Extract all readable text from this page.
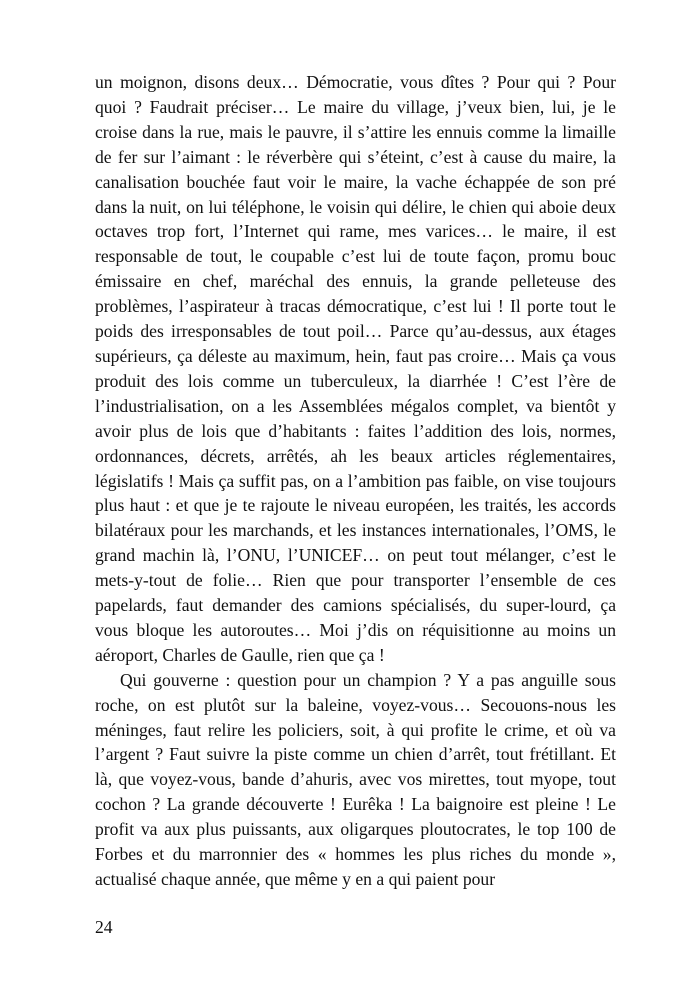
un moignon, disons deux… Démocratie, vous dîtes ? Pour qui ? Pour quoi ? Faudrait préciser… Le maire du village, j’veux bien, lui, je le croise dans la rue, mais le pauvre, il s’attire les ennuis comme la limaille de fer sur l’aimant : le réverbère qui s’éteint, c’est à cause du maire, la canalisation bouchée faut voir le maire, la vache échappée de son pré dans la nuit, on lui téléphone, le voisin qui délire, le chien qui aboie deux octaves trop fort, l’Internet qui rame, mes varices… le maire, il est responsable de tout, le coupable c’est lui de toute façon, promu bouc émissaire en chef, maréchal des ennuis, la grande pelleteuse des problèmes, l’aspirateur à tracas démocratique, c’est lui ! Il porte tout le poids des irresponsables de tout poil… Parce qu’au-dessus, aux étages supérieurs, ça déleste au maximum, hein, faut pas croire… Mais ça vous produit des lois comme un tuberculeux, la diarrhée ! C’est l’ère de l’industrialisation, on a les Assemblées mégalos complet, va bientôt y avoir plus de lois que d’habitants : faites l’addition des lois, normes, ordonnances, décrets, arrêtés, ah les beaux articles réglementaires, législatifs ! Mais ça suffit pas, on a l’ambition pas faible, on vise toujours plus haut : et que je te rajoute le niveau européen, les traités, les accords bilatéraux pour les marchands, et les instances internationales, l’OMS, le grand machin là, l’ONU, l’UNICEF… on peut tout mélanger, c’est le mets-y-tout de folie… Rien que pour transporter l’ensemble de ces papelards, faut demander des camions spécialisés, du super-lourd, ça vous bloque les autoroutes… Moi j’dis on réquisitionne au moins un aéroport, Charles de Gaulle, rien que ça !

Qui gouverne : question pour un champion ? Y a pas anguille sous roche, on est plutôt sur la baleine, voyez-vous… Secouons-nous les méninges, faut relire les policiers, soit, à qui profite le crime, et où va l’argent ? Faut suivre la piste comme un chien d’arrêt, tout frétillant. Et là, que voyez-vous, bande d’ahuris, avec vos mirettes, tout myope, tout cochon ? La grande découverte ! Eurêka ! La baignoire est pleine ! Le profit va aux plus puissants, aux oligarques ploutocrates, le top 100 de Forbes et du marronnier des « hommes les plus riches du monde », actualisé chaque année, que même y en a qui paient pour

24
